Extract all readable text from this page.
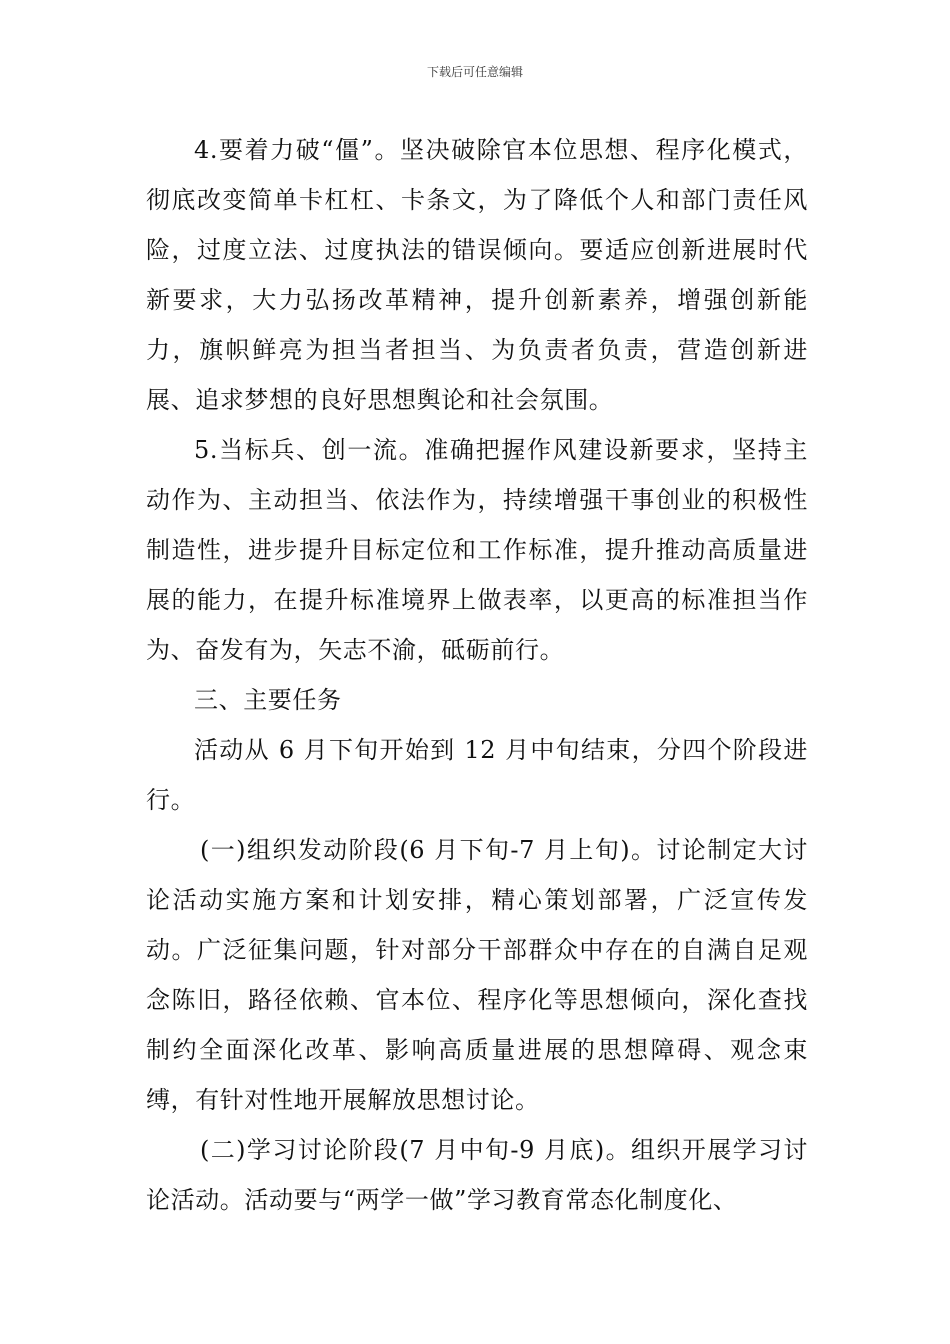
下载后可任意编辑

4.要着力破“僵”。坚决破除官本位思想、程序化模式，彻底改变简单卡杠杠、卡条文，为了降低个人和部门责任风险，过度立法、过度执法的错误倾向。要适应创新进展时代新要求，大力弘扬改革精神，提升创新素养，增强创新能力，旗帜鲜亮为担当者担当、为负责者负责，营造创新进展、追求梦想的良好思想舆论和社会氛围。

5.当标兵、创一流。准确把握作风建设新要求，坚持主动作为、主动担当、依法作为，持续增强干事创业的积极性制造性，进步提升目标定位和工作标准，提升推动高质量进展的能力，在提升标准境界上做表率，以更高的标准担当作为、奋发有为，矢志不渝，砥砺前行。

三、主要任务

活动从 6 月下旬开始到 12 月中旬结束，分四个阶段进行。

(一)组织发动阶段(6 月下旬-7 月上旬)。讨论制定大讨论活动实施方案和计划安排，精心策划部署，广泛宣传发动。广泛征集问题，针对部分干部群众中存在的自满自足观念陈旧，路径依赖、官本位、程序化等思想倾向，深化查找制约全面深化改革、影响高质量进展的思想障碍、观念束缚，有针对性地开展解放思想讨论。

(二)学习讨论阶段(7 月中旬-9 月底)。组织开展学习讨论活动。活动要与“两学一做”学习教育常态化制度化、
